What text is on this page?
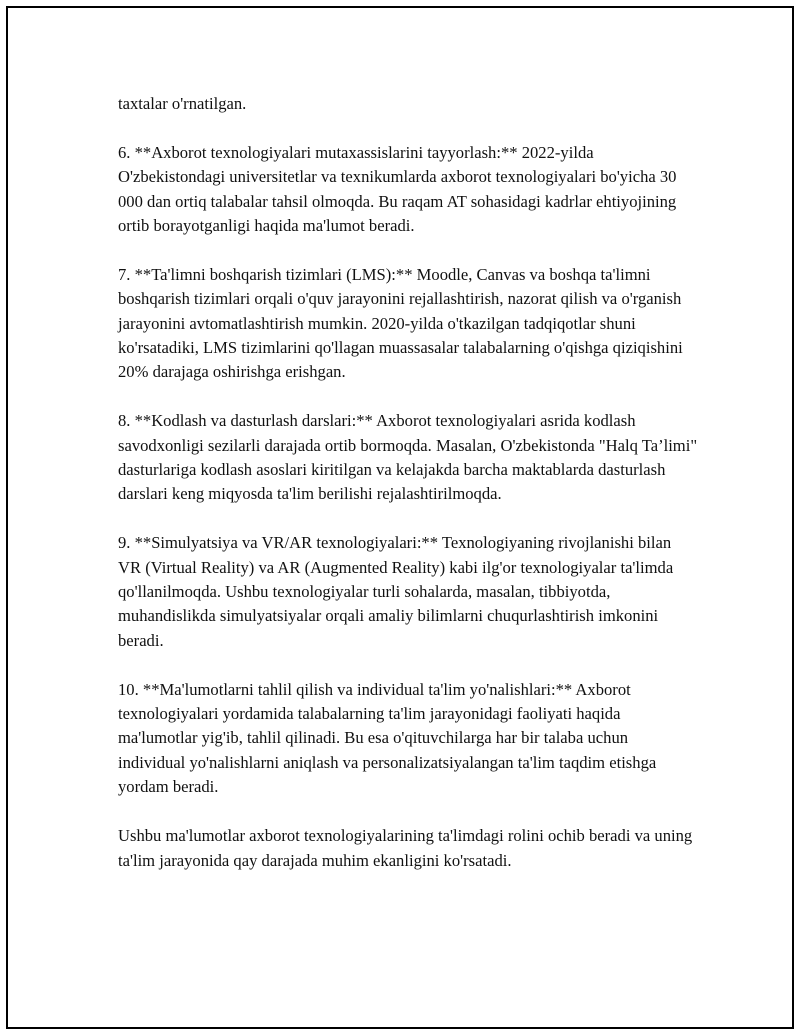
taxtalar o'rnatilgan.

6. **Axborot texnologiyalari mutaxassislarini tayyorlash:** 2022-yilda O'zbekistondagi universitetlar va texnikumlarda axborot texnologiyalari bo'yicha 30 000 dan ortiq talabalar tahsil olmoqda. Bu raqam AT sohasidagi kadrlar ehtiyojining ortib borayotganligi haqida ma'lumot beradi.

7. **Ta'limni boshqarish tizimlari (LMS):** Moodle, Canvas va boshqa ta'limni boshqarish tizimlari orqali o'quv jarayonini rejallashtirish, nazorat qilish va o'rganish jarayonini avtomatlashtirish mumkin. 2020-yilda o'tkazilgan tadqiqotlar shuni ko'rsatadiki, LMS tizimlarini qo'llagan muassasalar talabalarning o'qishga qiziqishini 20% darajaga oshirishga erishgan.

8. **Kodlash va dasturlash darslari:** Axborot texnologiyalari asrida kodlash savodxonligi sezilarli darajada ortib bormoqda. Masalan, O'zbekistonda "Halq Ta’limi" dasturlariga kodlash asoslari kiritilgan va kelajakda barcha maktablarda dasturlash darslari keng miqyosda ta'lim berilishi rejalashtirilmoqda.

9. **Simulyatsiya va VR/AR texnologiyalari:** Texnologiyaning rivojlanishi bilan VR (Virtual Reality) va AR (Augmented Reality) kabi ilg'or texnologiyalar ta'limda qo'llanilmoqda. Ushbu texnologiyalar turli sohalarda, masalan, tibbiyotda, muhandislikda simulyatsiyalar orqali amaliy bilimlarni chuqurlashtirish imkonini beradi.

10. **Ma'lumotlarni tahlil qilish va individual ta'lim yo'nalishlari:** Axborot texnologiyalari yordamida talabalarning ta'lim jarayonidagi faoliyati haqida ma'lumotlar yig'ib, tahlil qilinadi. Bu esa o'qituvchilarga har bir talaba uchun individual yo'nalishlarni aniqlash va personalizatsiyalangan ta'lim taqdim etishga yordam beradi.

Ushbu ma'lumotlar axborot texnologiyalarining ta'limdagi rolini ochib beradi va uning ta'lim jarayonida qay darajada muhim ekanligini ko'rsatadi.
